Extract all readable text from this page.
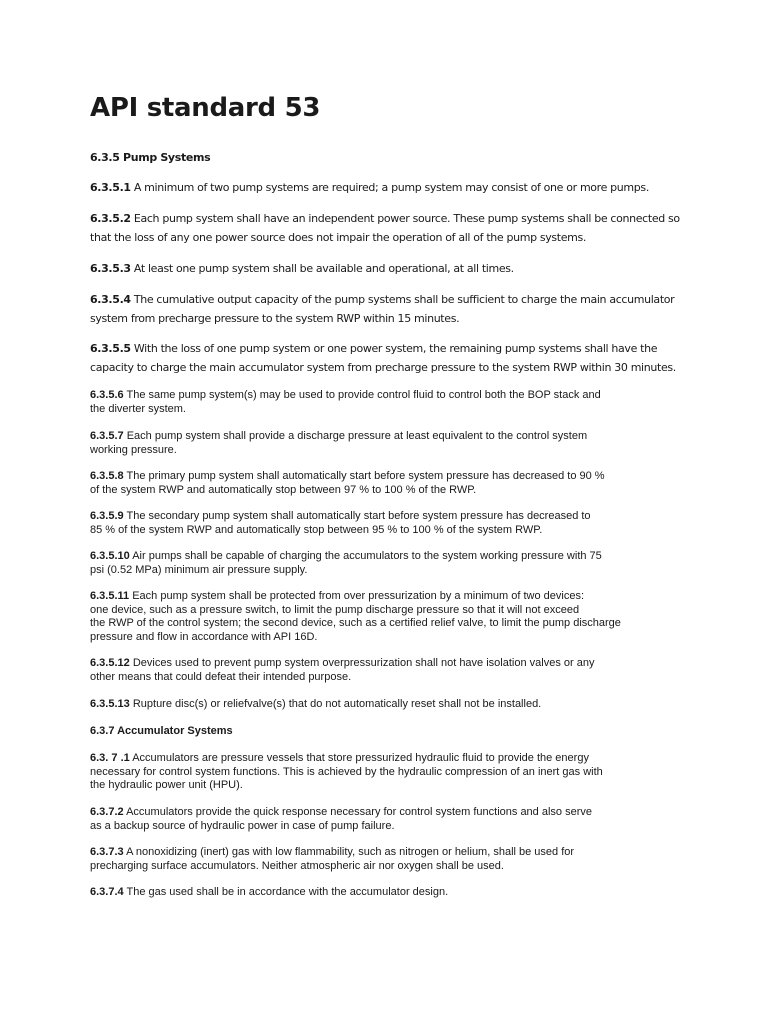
API standard 53
6.3.5 Pump Systems
6.3.5.1 A minimum of two pump systems are required; a pump system may consist of one or more pumps.
6.3.5.2 Each pump system shall have an independent power source. These pump systems shall be connected so
that the loss of any one power source does not impair the operation of all of the pump systems.
6.3.5.3 At least one pump system shall be available and operational, at all times.
6.3.5.4 The cumulative output capacity of the pump systems shall be sufficient to charge the main accumulator
system from precharge pressure to the system RWP within 15 minutes.
6.3.5.5 With the loss of one pump system or one power system, the remaining pump systems shall have the
capacity to charge the main accumulator system from precharge pressure to the system RWP within 30 minutes.
6.3.5.6 The same pump system(s) may be used to provide control fluid to control both the BOP stack and
the diverter system.
6.3.5.7 Each pump system shall provide a discharge pressure at least equivalent to the control system
working pressure.
6.3.5.8 The primary pump system shall automatically start before system pressure has decreased to 90 %
of the system RWP and automatically stop between 97 % to 100 % of the RWP.
6.3.5.9 The secondary pump system shall automatically start before system pressure has decreased to
85 % of the system RWP and automatically stop between 95 % to 100 % of the system RWP.
6.3.5.10 Air pumps shall be capable of charging the accumulators to the system working pressure with 75
psi (0.52 MPa) minimum air pressure supply.
6.3.5.11 Each pump system shall be protected from over pressurization by a minimum of two devices:
one device, such as a pressure switch, to limit the pump discharge pressure so that it will not exceed
the RWP of the control system; the second device, such as a certified relief valve, to limit the pump discharge
pressure and flow in accordance with API 16D.
6.3.5.12 Devices used to prevent pump system overpressurization shall not have isolation valves or any
other means that could defeat their intended purpose.
6.3.5.13 Rupture disc(s) or reliefvalve(s) that do not automatically reset shall not be installed.
6.3.7 Accumulator Systems
6.3. 7 .1 Accumulators are pressure vessels that store pressurized hydraulic fluid to provide the energy
necessary for control system functions. This is achieved by the hydraulic compression of an inert gas with
the hydraulic power unit (HPU).
6.3.7.2 Accumulators provide the quick response necessary for control system functions and also serve
as a backup source of hydraulic power in case of pump failure.
6.3.7.3 A nonoxidizing (inert) gas with low flammability, such as nitrogen or helium, shall be used for
precharging surface accumulators. Neither atmospheric air nor oxygen shall be used.
6.3.7.4 The gas used shall be in accordance with the accumulator design.
